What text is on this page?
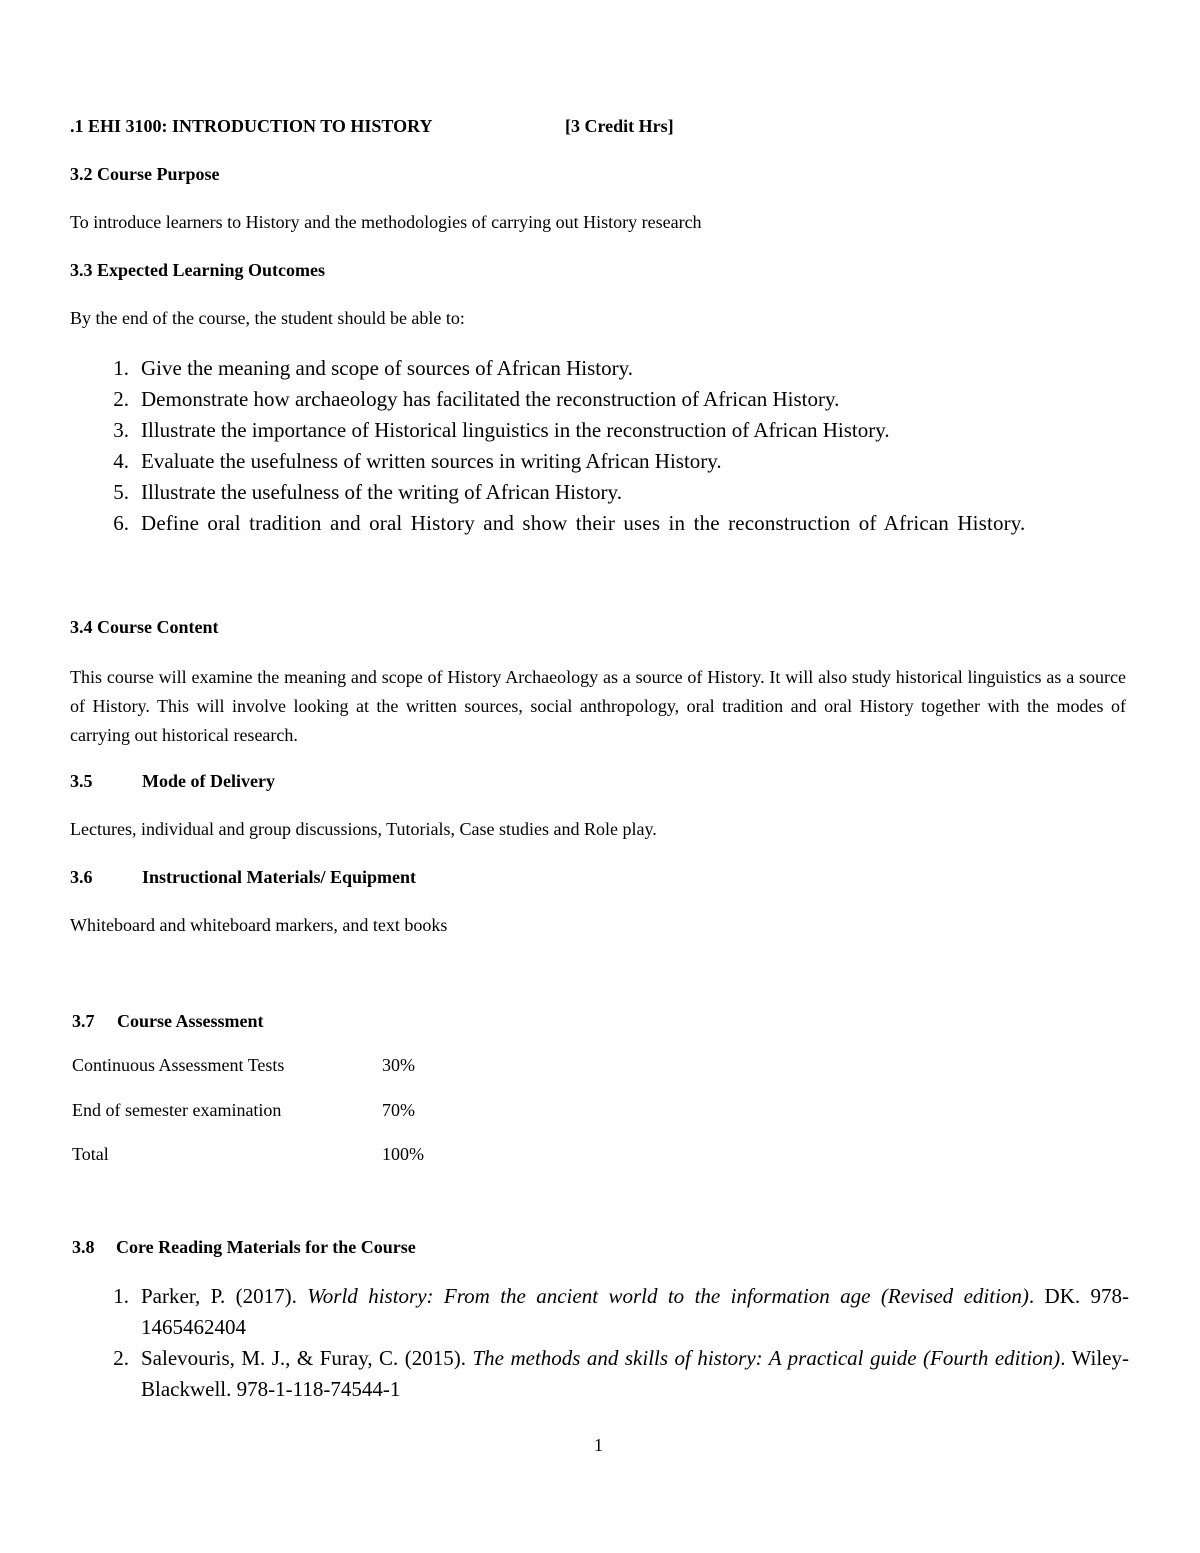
.1 EHI 3100: INTRODUCTION TO HISTORY	[3 Credit Hrs]
3.2 Course Purpose
To introduce learners to History and the methodologies of carrying out History research
3.3 Expected Learning Outcomes
By the end of the course, the student should be able to:
1. Give the meaning and scope of sources of African History.
2. Demonstrate how archaeology has facilitated the reconstruction of African History.
3. Illustrate the importance of Historical linguistics in the reconstruction of African History.
4. Evaluate the usefulness of written sources in writing African History.
5. Illustrate the usefulness of the writing of African History.
6. Define oral tradition and oral History and show their uses in the reconstruction of African History.
3.4 Course Content
This course will examine the meaning and scope of History Archaeology as a source of History. It will also study historical linguistics as a source of History. This will involve looking at the written sources, social anthropology, oral tradition and oral History together with the modes of carrying out historical research.
3.5	Mode of Delivery
Lectures, individual and group discussions, Tutorials, Case studies and Role play.
3.6	Instructional Materials/ Equipment
Whiteboard and whiteboard markers, and text books
3.7 Course Assessment
Continuous Assessment Tests	30%
End of semester examination	70%
Total	100%
3.8 Core Reading Materials for the Course
1. Parker, P. (2017). World history: From the ancient world to the information age (Revised edition). DK. 978-1465462404
2. Salevouris, M. J., & Furay, C. (2015). The methods and skills of history: A practical guide (Fourth edition). Wiley-Blackwell. 978-1-118-74544-1
1
